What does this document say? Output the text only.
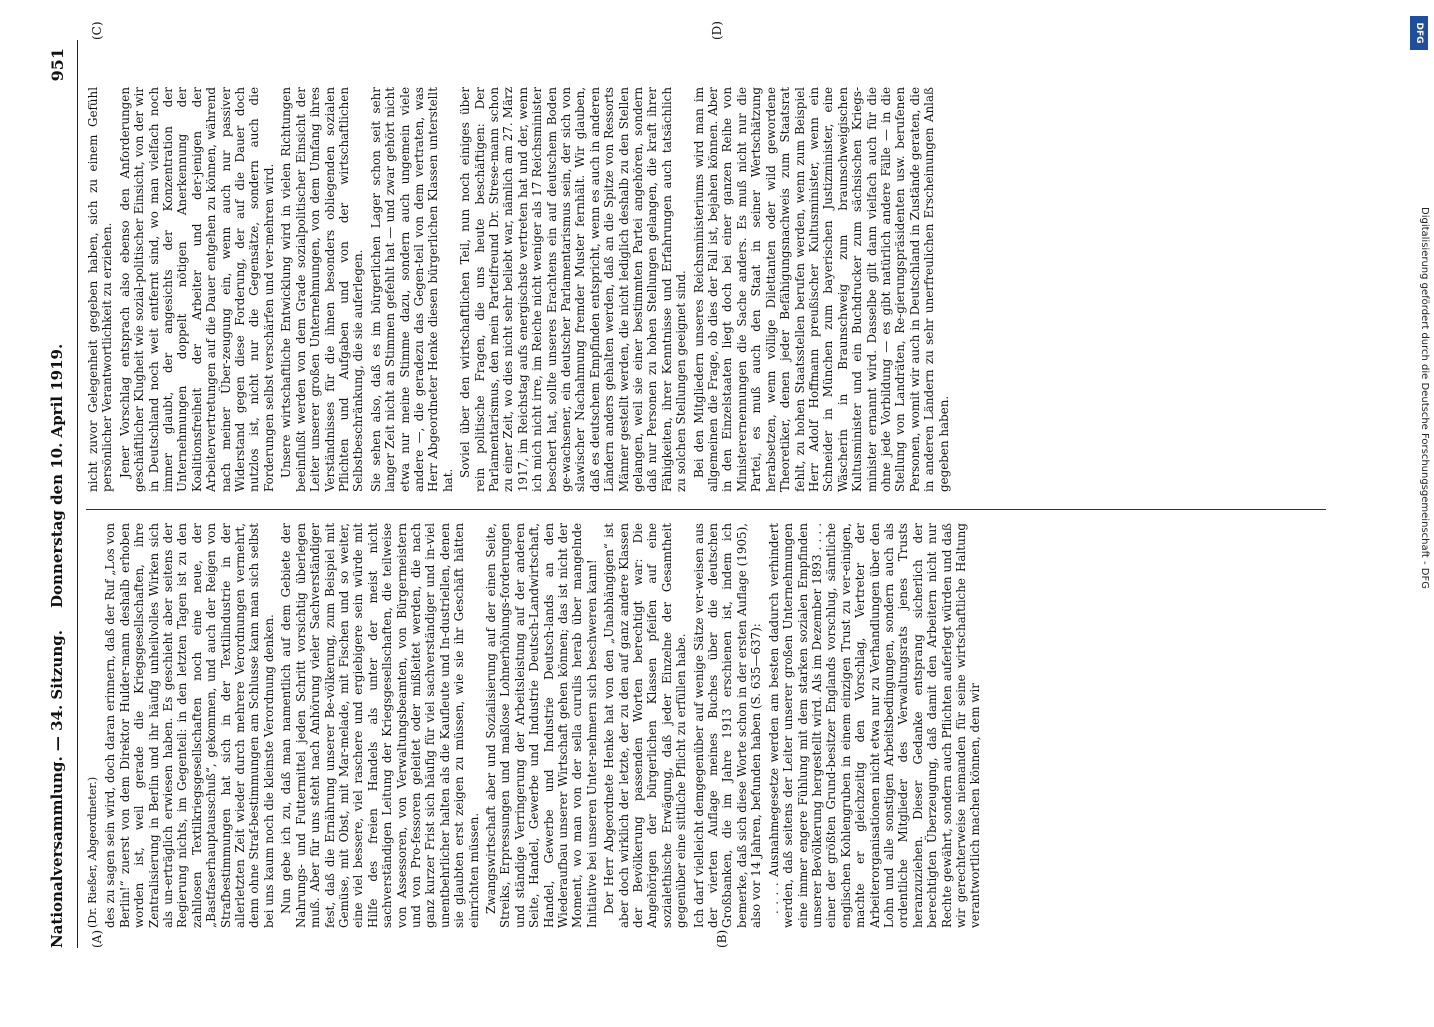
Nationalversammlung. — 34. Sitzung.
Donnerstag den 10. April 1919.
951
(A)	(B)
(C)	(D)

(Dr. Rießer, Abgeordneter.) des zu sagen sein wird, doch daran erinnern, daß der Ruf „Los von Berlin!“ zuerst von dem Direktor Hulder-mann deshalb erhoben worden ist, weil gerade die Kriegsgesellschaften, ihre Zentralisierung in Berlin und ihr häufig unheilvolles Wirken sich als un-erträglich erwiesen haben. Es geschieht aber seitens der Regierung nichts, im Gegenteil: in den letzten Tagen ist zu den zahllosen Textilkriegsgesellschaften noch eine neue, der „Bastfaserhauptausschuß“, gekommen, und auch der Reigen von Strafbestimmungen hat sich in der Textilindustrie in der allerletzten Zeit wieder durch mehrere Verordnungen vermehrt, denn ohne Straf-bestimmungen am Schlusse kann man sich selbst bei uns kaum noch die kleinste Verordnung denken. Nun gebe ich zu, daß man namentlich auf dem Gebiete der Nahrungs- und Futtermittel jeden Schritt vorsichtig überlegen muß. Aber für uns steht nach Anhörung vieler Sachverständiger fest, daß die Ernährung unserer Be-völkerung, zum Beispiel mit Gemüse, mit Obst, mit Mar-melade, mit Fischen und so weiter, eine viel bessere, viel raschere und ergiebigere sein würde mit Hilfe des freien Handels als unter der meist nicht sachverständigen Leitung der Kriegsgesellschaften, die teilweise von Assessoren, von Verwaltungsbeamten, von Bürgermeistern und von Pro-fessoren geleitet oder mißleitet werden, die nach ganz kurzer Frist sich häufig für viel sachverständiger und in-viel unentbehrlicher halten als die Kaufleute und In-dustriellen, denen sie glaubten erst zeigen zu müssen, wie sie ihr Geschäft hätten einrichten müssen. Zwangswirtschaft aber und Sozialisierung auf der einen Seite, Streiks, Erpressungen und maßlose Lohnerhöhungs-forderungen und ständige Verringerung der Arbeitsleistung auf der anderen Seite, Handel, Gewerbe und Industrie Deutsch-Landwirtschaft, Handel, Gewerbe und Industrie Deutsch-lands an den Wiederaufbau unserer Wirtschaft gehen können; das ist nicht der Moment, wo man von der sella curulis herab über mangelnde Initiative bei unseren Unter-nehmern sich beschweren kann! Der Herr Abgeordnete Henke hat von den „Unabhängigen“ ist aber doch wirklich der letzte, der zu den auf ganz andere Klassen der Bevölkerung passenden Worten berechtigt war: Die Angehörigen der bürgerlichen Klassen pfeifen auf eine sozialethische Erwägung, daß jeder Einzelne der Gesamtheit gegenüber eine sittliche Pflicht zu erfüllen habe. Ich darf vielleicht demgegenüber auf wenige Sätze ver-weisen aus der vierten Auflage meines Buches über die deutschen Großbanken, die im Jahre 1913 erschienen ist, indem ich bemerke, daß sich diese Worte schon in der ersten Auflage (1905), also vor 14 Jahren, befunden haben (S. 635—637): . . . . Ausnahmegesetze werden am besten dadurch verhindert werden, daß seitens der Leiter unserer großen Unternehmungen eine immer engere Fühlung mit dem starken sozialen Empfinden unserer Bevölkerung hergestellt wird. Als im Dezember 1893 . . . . einer der größten Grund-besitzer Englands vorschlug, sämtliche englischen Kohlengruben in einem einzigen Trust zu ver-einigen, machte er gleichzeitig den Vorschlag, Vertreter der Arbeiterorganisationen nicht etwa nur zu Verhandlungen über den Lohn und alle sonstigen Arbeitsbedingungen, sondern auch als ordentliche Mitglieder des Verwaltungsrats jenes Trusts heranzuziehen. Dieser Gedanke entsprang sicherlich der berechtigten Überzeugung, daß damit den Arbeitern nicht nur Rechte gewährt, sondern auch Pflichten auferlegt würden und daß wir gerechterweise niemanden für seine wirtschaftliche Haltung verantwortlich machen können, dem wir

nicht zuvor Gelegenheit gegeben haben, sich zu einem Gefühl persönlicher Verantwortlichkeit zu erziehen. Jener Vorschlag entsprach also ebenso den Anforderungen geschäftlicher Klugheit wie sozial-politischer Einsicht, von der wir in Deutschland noch weit entfernt sind, wo man vielfach noch immer glaubt, der angesichts der Konzentration der Unternehmungen doppelt nötigen Anerkennung der Koalitionsfreiheit der Arbeiter und der-jenigen der Arbeitervertretungen auf die Dauer entgehen zu können, während nach meiner Über-zeugung ein, wenn auch nur passiver Widerstand gegen diese Forderung, der auf die Dauer doch nutzlos ist, nicht nur die Gegensätze, sondern auch die Forderungen selbst verschärfen und ver-mehren wird. Unsere wirtschaftliche Entwicklung wird in vielen Richtungen beeinflußt werden von dem Grade sozialpolitischer Einsicht der Leiter unserer großen Unternehmungen, von dem Umfang ihres Verständnisses für die ihnen besonders obliegenden sozialen Pflichten und Aufgaben und von der wirtschaftlichen Selbstbeschränkung, die sie auferlegen. Sie sehen also, daß es im bürgerlichen Lager schon seit sehr langer Zeit nicht an Stimmen gefehlt hat — und zwar gehört nicht etwa nur meine Stimme dazu, sondern auch ungemein viele andere —, die geradezu das Gegen-teil von dem vertraten, was Herr Abgeordneter Henke diesen bürgerlichen Klassen unterstellt hat.

Soviel über den wirtschaftlichen Teil, nun noch einiges über rein politische Fragen, die uns heute beschäftigen: Der Parlamentarismus, den mein Parteifreund Dr. Strese-mann schon zu einer Zeit, wo dies nicht sehr beliebt war, nämlich am 27. März 1917, im Reichstag aufs energischste vertreten hat und der, wenn ich mich nicht irre, im Reiche nicht weniger als 17 Reichsminister beschert hat, sollte unseres Erachtens ein auf deutschem Boden ge-wachsener, ein deutscher Parlamentarismus sein, der sich von slawischer Nachahmung fremder Muster fernhält. Wir glauben, daß es deutschem Empfinden entspricht, wenn es auch in anderen Ländern anders gehalten werden, daß an die Spitze von Ressorts Männer gestellt werden, die nicht lediglich deshalb zu den Stellen gelangen, weil sie einer bestimmten Partei angehören, sondern daß nur Personen zu hohen Stellungen gelangen, die kraft ihrer Fähigkeiten, ihrer Kenntnisse und Erfahrungen auch tatsächlich zu solchen Stellungen geeignet sind. Bei den Mitgliedern unseres Reichsministeriums wird man im allgemeinen die Frage, ob dies der Fall ist, bejahen können. Aber in den Einzelstaaten liegt doch bei einer ganzen Reihe von Ministerernennungen die Sache anders. Es muß nicht nur die Partei, es muß auch den Staat in seiner Wertschätzung herabsetzen, wenn völlige Dilettanten oder wild gewordene Theoretiker, denen jeder Befähigungsnachweis zum Staatsrat fehlt, zu hohen Staatsstellen berufen werden, wenn zum Beispiel Herr Adolf Hoffmann preußischer Kultusminister, wenn ein Schneider in München zum bayerischen Justizminister, eine Wäscherin in Braunschweig zum braunschweigischen Kultusminister und ein Buchdrucker zum sächsischen Kriegs-minister ernannt wird. Dasselbe gilt dann vielfach auch für die ohne jede Vorbildung — es gibt natürlich andere Fälle — in die Stellung von Landräten, Re-gierungspräsidenten usw. berufenen Personen, womit wir auch in Deutschland in Zustände geraten, die in anderen Ländern zu sehr unerfreulichen Erscheinungen Anlaß gegeben haben.

DFG
Digitalisierung gefördert durch die Deutsche Forschungsgemeinschaft - DFG
